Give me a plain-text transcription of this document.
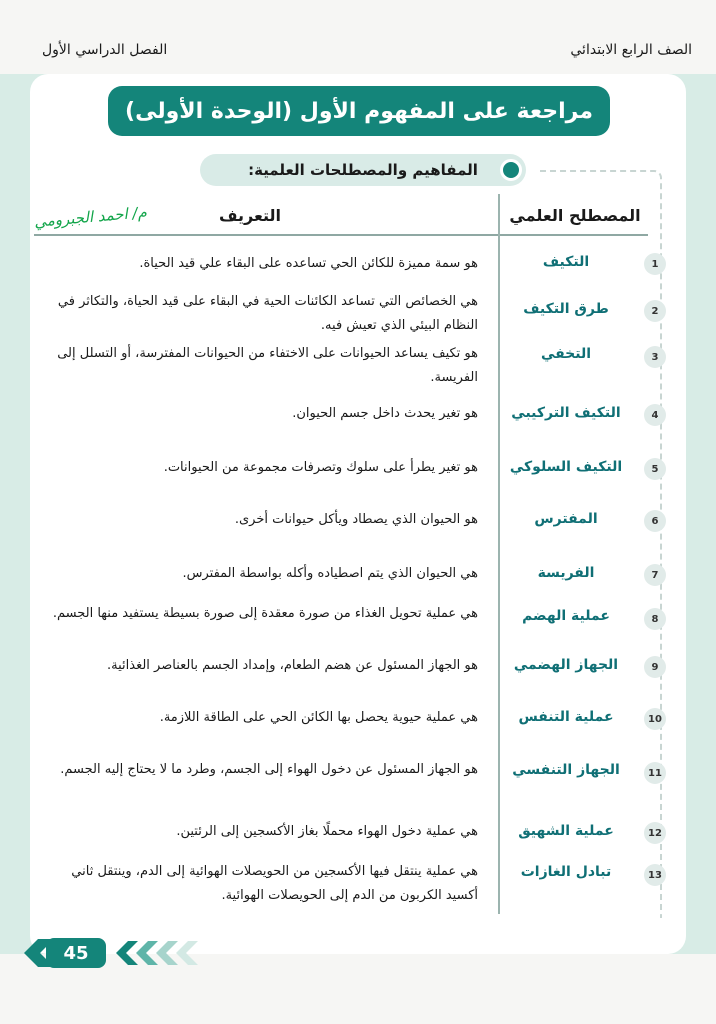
الصف الرابع الابتدائي
الفصل الدراسي الأول
مراجعة على المفهوم الأول (الوحدة الأولى)
المفاهيم والمصطلحات العلمية:
المصطلح العلمي
التعريف
م/ احمد الجبرومي
1
التكيف
هو سمة مميزة للكائن الحي تساعده على البقاء علي قيد الحياة.
2
طرق التكيف
هي الخصائص التي تساعد الكائنات الحية في البقاء على قيد الحياة، والتكاثر في النظام البيئي الذي تعيش فيه.
3
التخفي
هو تكيف يساعد الحيوانات على الاختفاء من الحيوانات المفترسة، أو التسلل إلى الفريسة.
4
التكيف التركيبي
هو تغير يحدث داخل جسم الحيوان.
5
التكيف السلوكي
هو تغير يطرأ على سلوك وتصرفات مجموعة من الحيوانات.
6
المفترس
هو الحيوان الذي يصطاد ويأكل حيوانات أخرى.
7
الفريسة
هي الحيوان الذي يتم اصطياده وأكله بواسطة المفترس.
8
عملية الهضم
هي عملية تحويل الغذاء من صورة معقدة إلى صورة بسيطة يستفيد منها الجسم.
9
الجهاز الهضمي
هو الجهاز المسئول عن هضم الطعام، وإمداد الجسم بالعناصر الغذائية.
10
عملية التنفس
هي عملية حيوية يحصل بها الكائن الحي على الطاقة اللازمة.
11
الجهاز التنفسي
هو الجهاز المسئول عن دخول الهواء إلى الجسم، وطرد ما لا يحتاج إليه الجسم.
12
عملية الشهيق
هي عملية دخول الهواء محملًا بغاز الأكسجين إلى الرئتين.
13
تبادل الغازات
هي عملية ينتقل فيها الأكسجين من الحويصلات الهوائية إلى الدم، وينتقل ثاني أكسيد الكربون من الدم إلى الحويصلات الهوائية.
45
